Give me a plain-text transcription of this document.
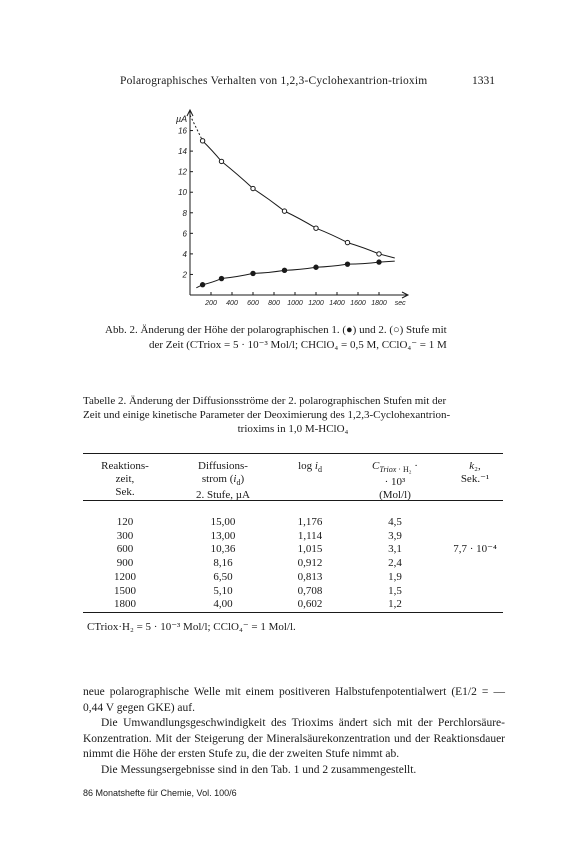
Polarographisches Verhalten von 1,2,3-Cyclohexantrion-trioxim	1331
2
4
6
8
10
12
14
16
200 400 600 800 1000 1200 1400 1600 1800
µA
sec
Abb. 2. Änderung der Höhe der polarographischen 1. (●) und 2. (○) Stufe mit
der Zeit (CTriox = 5 · 10⁻³ Mol/l; CHClO₄ = 0,5 M, CClO₄⁻ = 1 M
Tabelle 2. Änderung der Diffusionsströme der 2. polarographischen Stufen mit der
Zeit und einige kinetische Parameter der Deoximierung des 1,2,3-Cyclohexantrion-
trioxims in 1,0 M-HClO₄
Reaktions-
zeit,
Sek.
Diffusions-
strom $(i_d)$
2. Stufe, µA
$\log i_d$	$C_{Triox \cdot H_2}$ ·
· 10³
(Mol/l)
k₂,
Sek.⁻¹
120
300
600
900
1200
1500
1800
15,00
13,00
10,36
8,16
6,50
5,10
4,00
1,176
1,114
1,015
0,912
0,813
0,708
0,602
4,5
3,9
3,1
2,4
1,9
1,5
1,2

7,7 · 10⁻⁴

CTriox·H₂ = 5 · 10⁻³ Mol/l; CClO₄⁻ = 1 Mol/l.

neue polarographische Welle mit einem positiveren Halbstufenpotentialwert (E1/2 = —0,44 V gegen GKE) auf.

Die Umwandlungsgeschwindigkeit des Trioxims ändert sich mit der Perchlorsäure-Konzentration. Mit der Steigerung der Mineralsäurekonzentration und der Reaktionsdauer nimmt die Höhe der ersten Stufe zu, die der zweiten Stufe nimmt ab.

Die Messungsergebnisse sind in den Tab. 1 und 2 zusammengestellt.

86 Monatshefte für Chemie, Vol. 100/6
